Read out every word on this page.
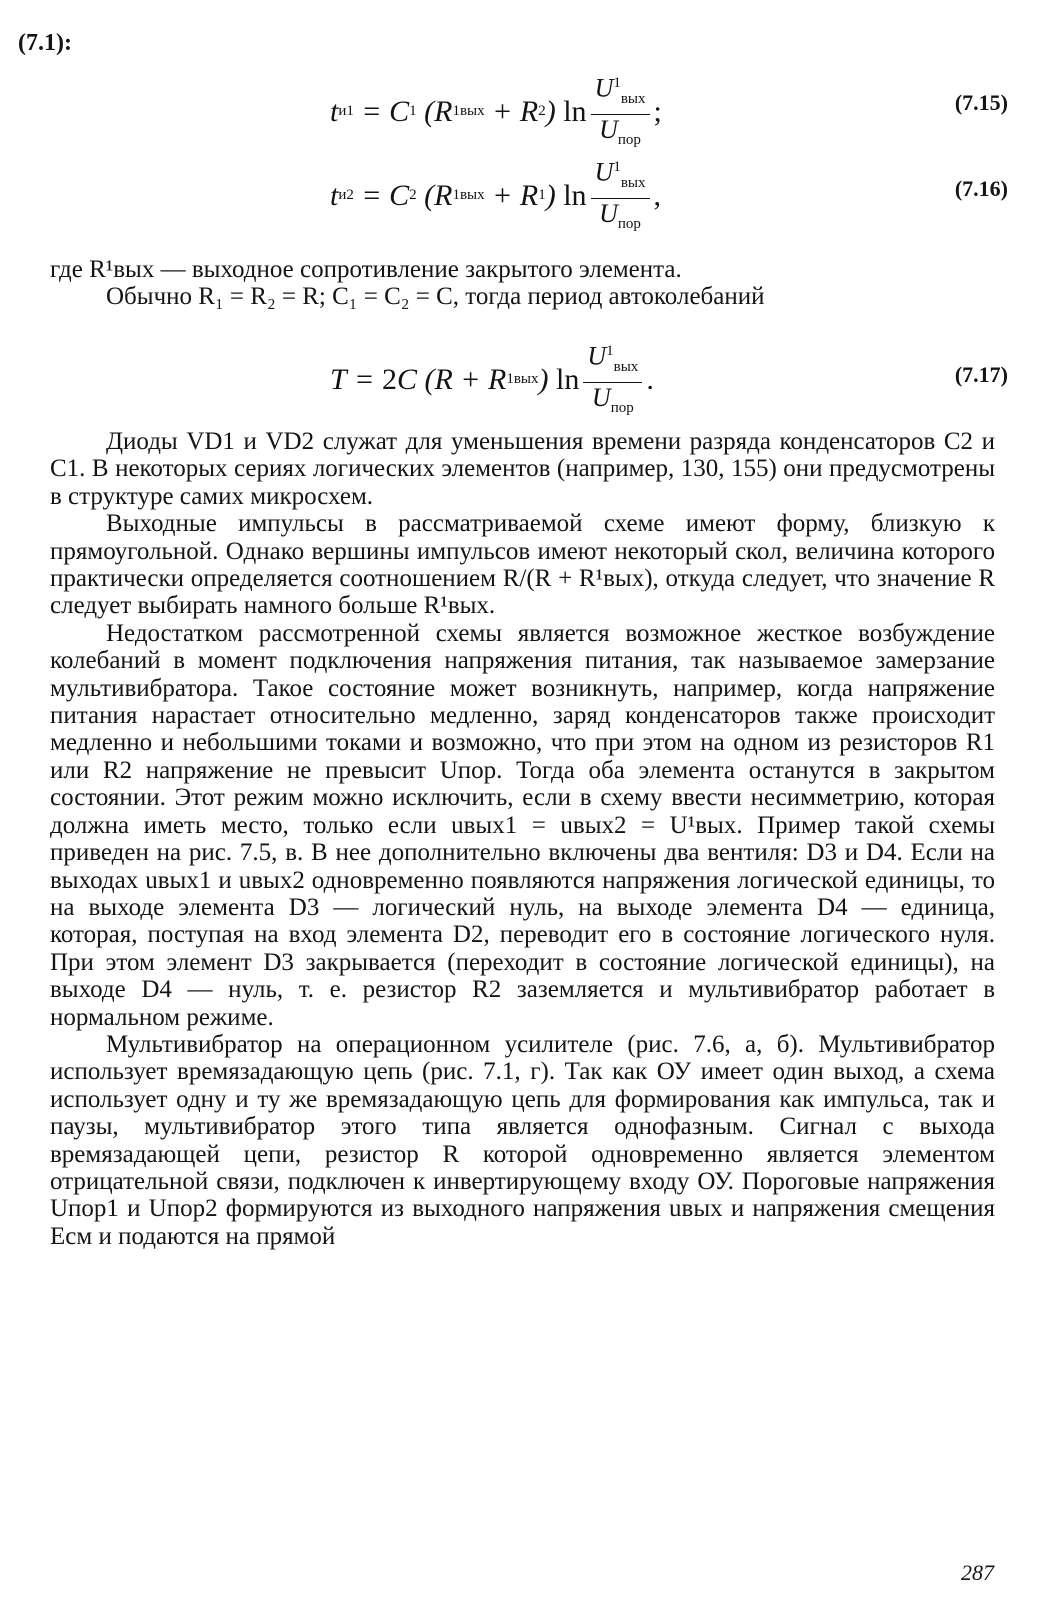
(7.1):
t и1 = C 1 (R 1 вых + R 2 ) $\ln \frac{U^1_{вых}}{U_{пор}}$ ;	(7.15)
t и2 = C 2 (R 1 вых + R 1 ) $\ln \frac{U^1_{вых}}{U_{пор}}$ ,	(7.16)

где R¹вых — выходное сопротивление закрытого элемента.

Обычно R₁ = R₂ = R; C₁ = C₂ = C, тогда период автоколебаний

T = 2 C (R + R 1 вых ) $\ln \frac{U^1_{вых}}{U_{пор}}$ .	(7.17)

Диоды VD1 и VD2 служат для уменьшения времени разряда конденсаторов C2 и C1. В некоторых сериях логических элементов (например, 130, 155) они предусмотрены в структуре самих микросхем.

Выходные импульсы в рассматриваемой схеме имеют форму, близкую к прямоугольной. Однако вершины импульсов имеют некоторый скол, величина которого практически определяется соотношением R/(R + R¹вых), откуда следует, что значение R следует выбирать намного больше R¹вых.

Недостатком рассмотренной схемы является возможное жесткое возбуждение колебаний в момент подключения напряжения питания, так называемое замерзание мультивибратора. Такое состояние может возникнуть, например, когда напряжение питания нарастает относительно медленно, заряд конденсаторов также происходит медленно и небольшими токами и возможно, что при этом на одном из резисторов R1 или R2 напряжение не превысит Uпор. Тогда оба элемента останутся в закрытом состоянии. Этот режим можно исключить, если в схему ввести несимметрию, которая должна иметь место, только если uвых1 = uвых2 = U¹вых. Пример такой схемы приведен на рис. 7.5, в. В нее дополнительно включены два вентиля: D3 и D4. Если на выходах uвых1 и uвых2 одновременно появляются напряжения логической единицы, то на выходе элемента D3 — логический нуль, на выходе элемента D4 — единица, которая, поступая на вход элемента D2, переводит его в состояние логического нуля. При этом элемент D3 закрывается (переходит в состояние логической единицы), на выходе D4 — нуль, т. е. резистор R2 заземляется и мультивибратор работает в нормальном режиме.

Мультивибратор на операционном усилителе (рис. 7.6, а, б). Мультивибратор использует времязадающую цепь (рис. 7.1, г). Так как ОУ имеет один выход, а схема использует одну и ту же времязадающую цепь для формирования как импульса, так и паузы, мультивибратор этого типа является однофазным. Сигнал с выхода времязадающей цепи, резистор R которой одновременно является элементом отрицательной связи, подключен к инвертирующему входу ОУ. Пороговые напряжения Uпор1 и Uпор2 формируются из выходного напряжения uвых и напряжения смещения Eсм и подаются на прямой

287
